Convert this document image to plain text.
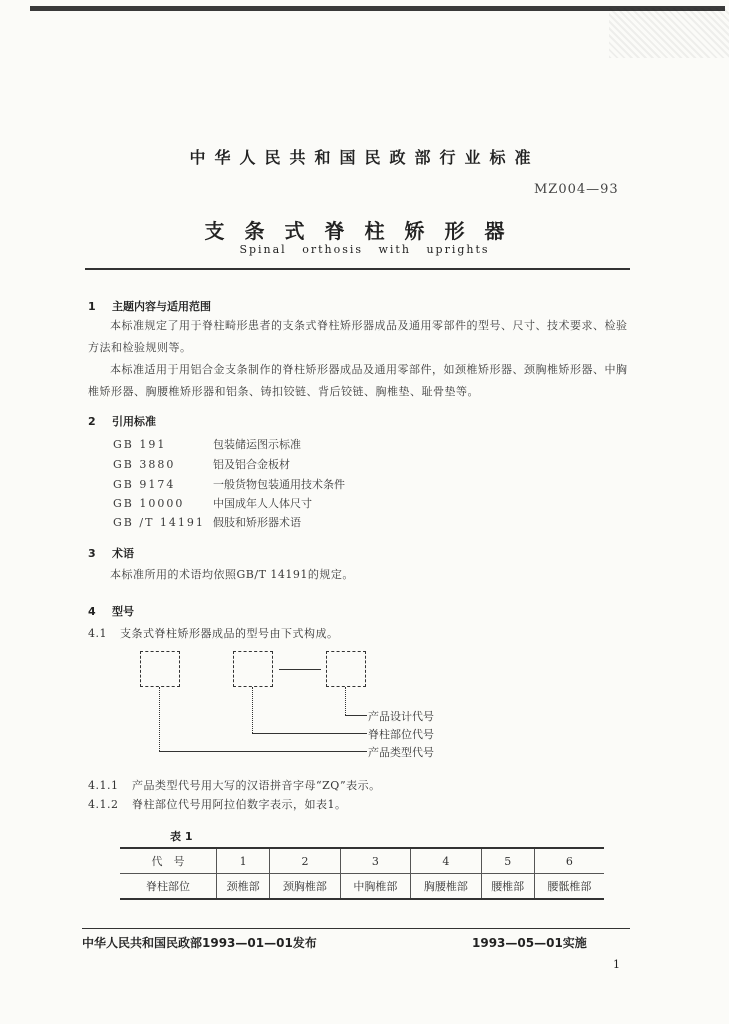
中华人民共和国民政部行业标准
MZ004—93
支条式脊柱矫形器
Spinal orthosis with uprights
1 主题内容与适用范围
本标准规定了用于脊柱畸形患者的支条式脊柱矫形器成品及通用零部件的型号、尺寸、技术要求、检验方法和检验规则等。
本标准适用于用铝合金支条制作的脊柱矫形器成品及通用零部件，如颈椎矫形器、颈胸椎矫形器、中胸椎矫形器、胸腰椎矫形器和铝条、铸扣铰链、背后铰链、胸椎垫、耻骨垫等。
2 引用标准
GB 191	包装储运图示标准
GB 3880	铝及铝合金板材
GB 9174	一般货物包装通用技术条件
GB 10000	中国成年人人体尺寸
GB /T 14191 假肢和矫形器术语
3 术语
本标准所用的术语均依照GB/T 14191的规定。
4 型号
4.1 支条式脊柱矫形器成品的型号由下式构成。
产品设计代号
脊柱部位代号
产品类型代号
4.1.1 产品类型代号用大写的汉语拼音字母“ZQ”表示。
4.1.2 脊柱部位代号用阿拉伯数字表示，如表1。
表 1
代　号	1	2	3	4	5	6
脊柱部位	颈椎部	颈胸椎部	中胸椎部	胸腰椎部	腰椎部	腰骶椎部
中华人民共和国民政部1993—01—01发布	1993—05—01实施
1
